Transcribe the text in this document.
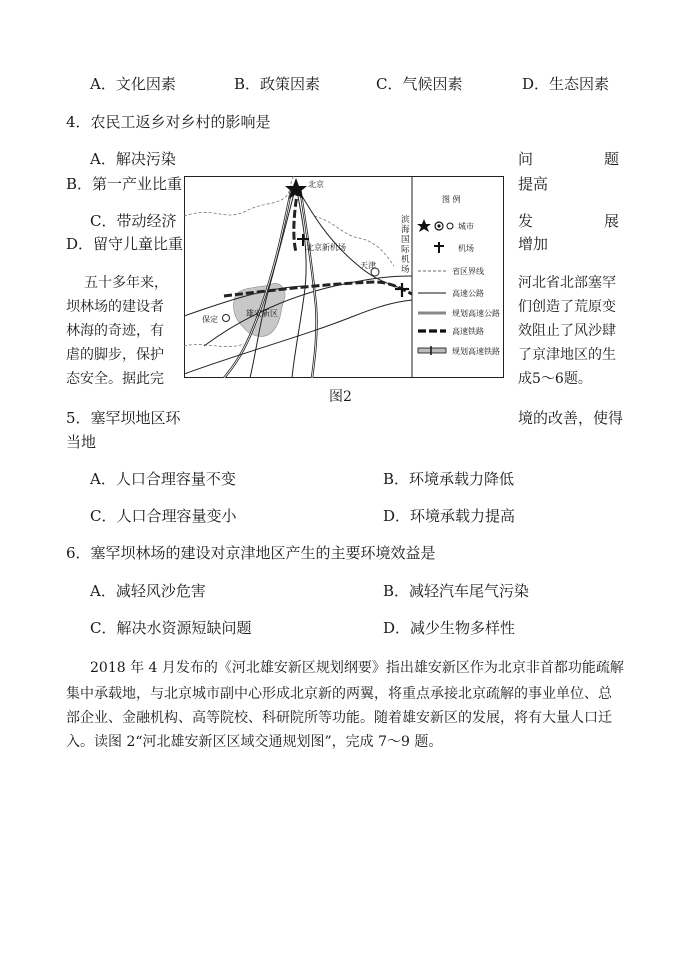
A．文化因素	B．政策因素	C．气候因素	D．生态因素
4．农民工返乡对乡村的影响是
A．解决污染	问	题
B．第一产业比重	提高
C．带动经济	发	展
D．留守儿童比重	增加
五十多年来，	河北省北部塞罕
坝林场的建设者	们创造了荒原变
林海的奇迹，有	效阻止了风沙肆
虐的脚步，保护	了京津地区的生
态安全。据此完	成5～6题。
北京
北京新机场
天津
保定
雄安新区
滨海国际机场
图 例
城市
机场
省区界线
高速公路
规划高速公路
高速铁路
规划高速铁路
图2
5．塞罕坝地区环	境的改善，使得
当地
A．人口合理容量不变	B．环境承载力降低
C．人口合理容量变小	D．环境承载力提高
6．塞罕坝林场的建设对京津地区产生的主要环境效益是
A．减轻风沙危害	B．减轻汽车尾气污染
C．解决水资源短缺问题	D．减少生物多样性
2018 年 4 月发布的《河北雄安新区规划纲要》指出雄安新区作为北京非首都功能疏解
集中承载地，与北京城市副中心形成北京新的两翼，将重点承接北京疏解的事业单位、总
部企业、金融机构、高等院校、科研院所等功能。随着雄安新区的发展，将有大量人口迁
入。读图 2“河北雄安新区区域交通规划图”，完成 7～9 题。
